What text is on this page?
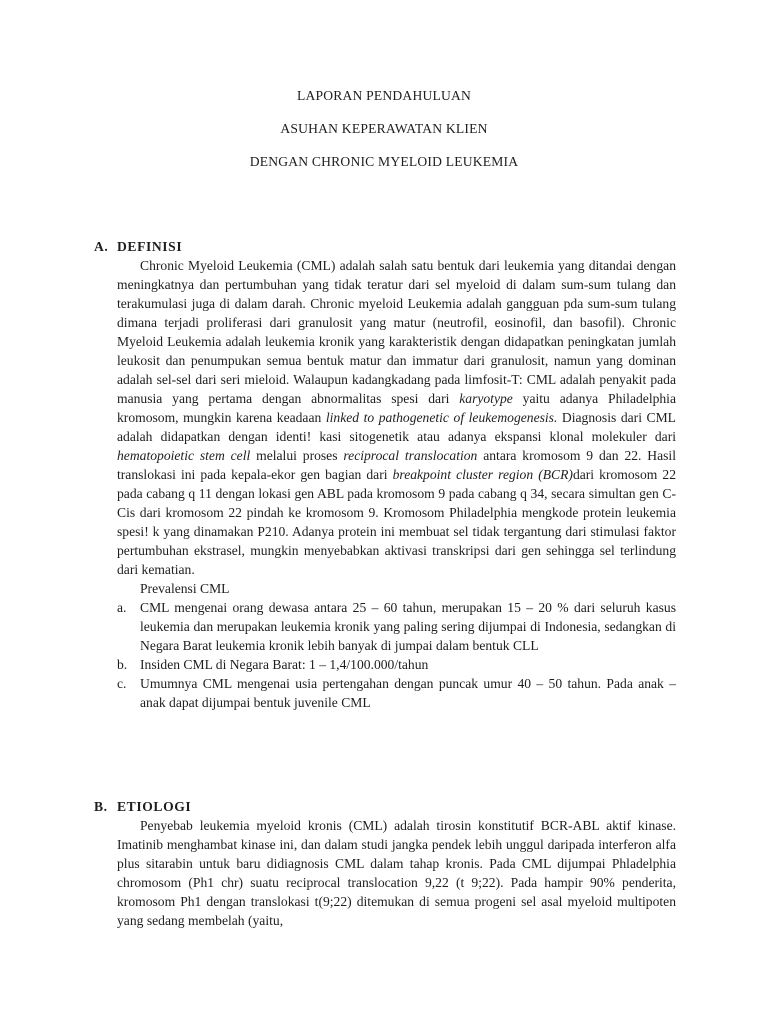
LAPORAN PENDAHULUAN
ASUHAN KEPERAWATAN KLIEN
DENGAN CHRONIC MYELOID LEUKEMIA
A. DEFINISI
Chronic Myeloid Leukemia (CML) adalah salah satu bentuk dari leukemia yang ditandai dengan meningkatnya dan pertumbuhan yang tidak teratur dari sel myeloid di dalam sum-sum tulang dan terakumulasi juga di dalam darah. Chronic myeloid Leukemia adalah gangguan pda sum-sum tulang dimana terjadi proliferasi dari granulosit yang matur (neutrofil, eosinofil, dan basofil). Chronic Myeloid Leukemia adalah leukemia kronik yang karakteristik dengan didapatkan peningkatan jumlah leukosit dan penumpukan semua bentuk matur dan immatur dari granulosit, namun yang dominan adalah sel-sel dari seri mieloid. Walaupun kadangkadang pada limfosit-T: CML adalah penyakit pada manusia yang pertama dengan abnormalitas spesi dari karyotype yaitu adanya Philadelphia kromosom, mungkin karena keadaan linked to pathogenetic of leukemogenesis. Diagnosis dari CML adalah didapatkan dengan identi! kasi sitogenetik atau adanya ekspansi klonal molekuler dari hematopoietic stem cell melalui proses reciprocal translocation antara kromosom 9 dan 22. Hasil translokasi ini pada kepala-ekor gen bagian dari breakpoint cluster region (BCR)dari kromosom 22 pada cabang q 11 dengan lokasi gen ABL pada kromosom 9 pada cabang q 34, secara simultan gen C-Cis dari kromosom 22 pindah ke kromosom 9. Kromosom Philadelphia mengkode protein leukemia spesi! k yang dinamakan P210. Adanya protein ini membuat sel tidak tergantung dari stimulasi faktor pertumbuhan ekstrasel, mungkin menyebabkan aktivasi transkripsi dari gen sehingga sel terlindung dari kematian.
Prevalensi CML
a. CML mengenai orang dewasa antara 25 – 60 tahun, merupakan 15 – 20 % dari seluruh kasus leukemia dan merupakan leukemia kronik yang paling sering dijumpai di Indonesia, sedangkan di Negara Barat leukemia kronik lebih banyak di jumpai dalam bentuk CLL
b. Insiden CML di Negara Barat: 1 – 1,4/100.000/tahun
c. Umumnya CML mengenai usia pertengahan dengan puncak umur 40 – 50 tahun. Pada anak – anak dapat dijumpai bentuk juvenile CML
B. ETIOLOGI
Penyebab leukemia myeloid kronis (CML) adalah tirosin konstitutif BCR-ABL aktif kinase. Imatinib menghambat kinase ini, dan dalam studi jangka pendek lebih unggul daripada interferon alfa plus sitarabin untuk baru didiagnosis CML dalam tahap kronis. Pada CML dijumpai Phladelphia chromosom (Ph1 chr) suatu reciprocal translocation 9,22 (t 9;22). Pada hampir 90% penderita, kromosom Ph1 dengan translokasi t(9;22) ditemukan di semua progeni sel asal myeloid multipoten yang sedang membelah (yaitu,
